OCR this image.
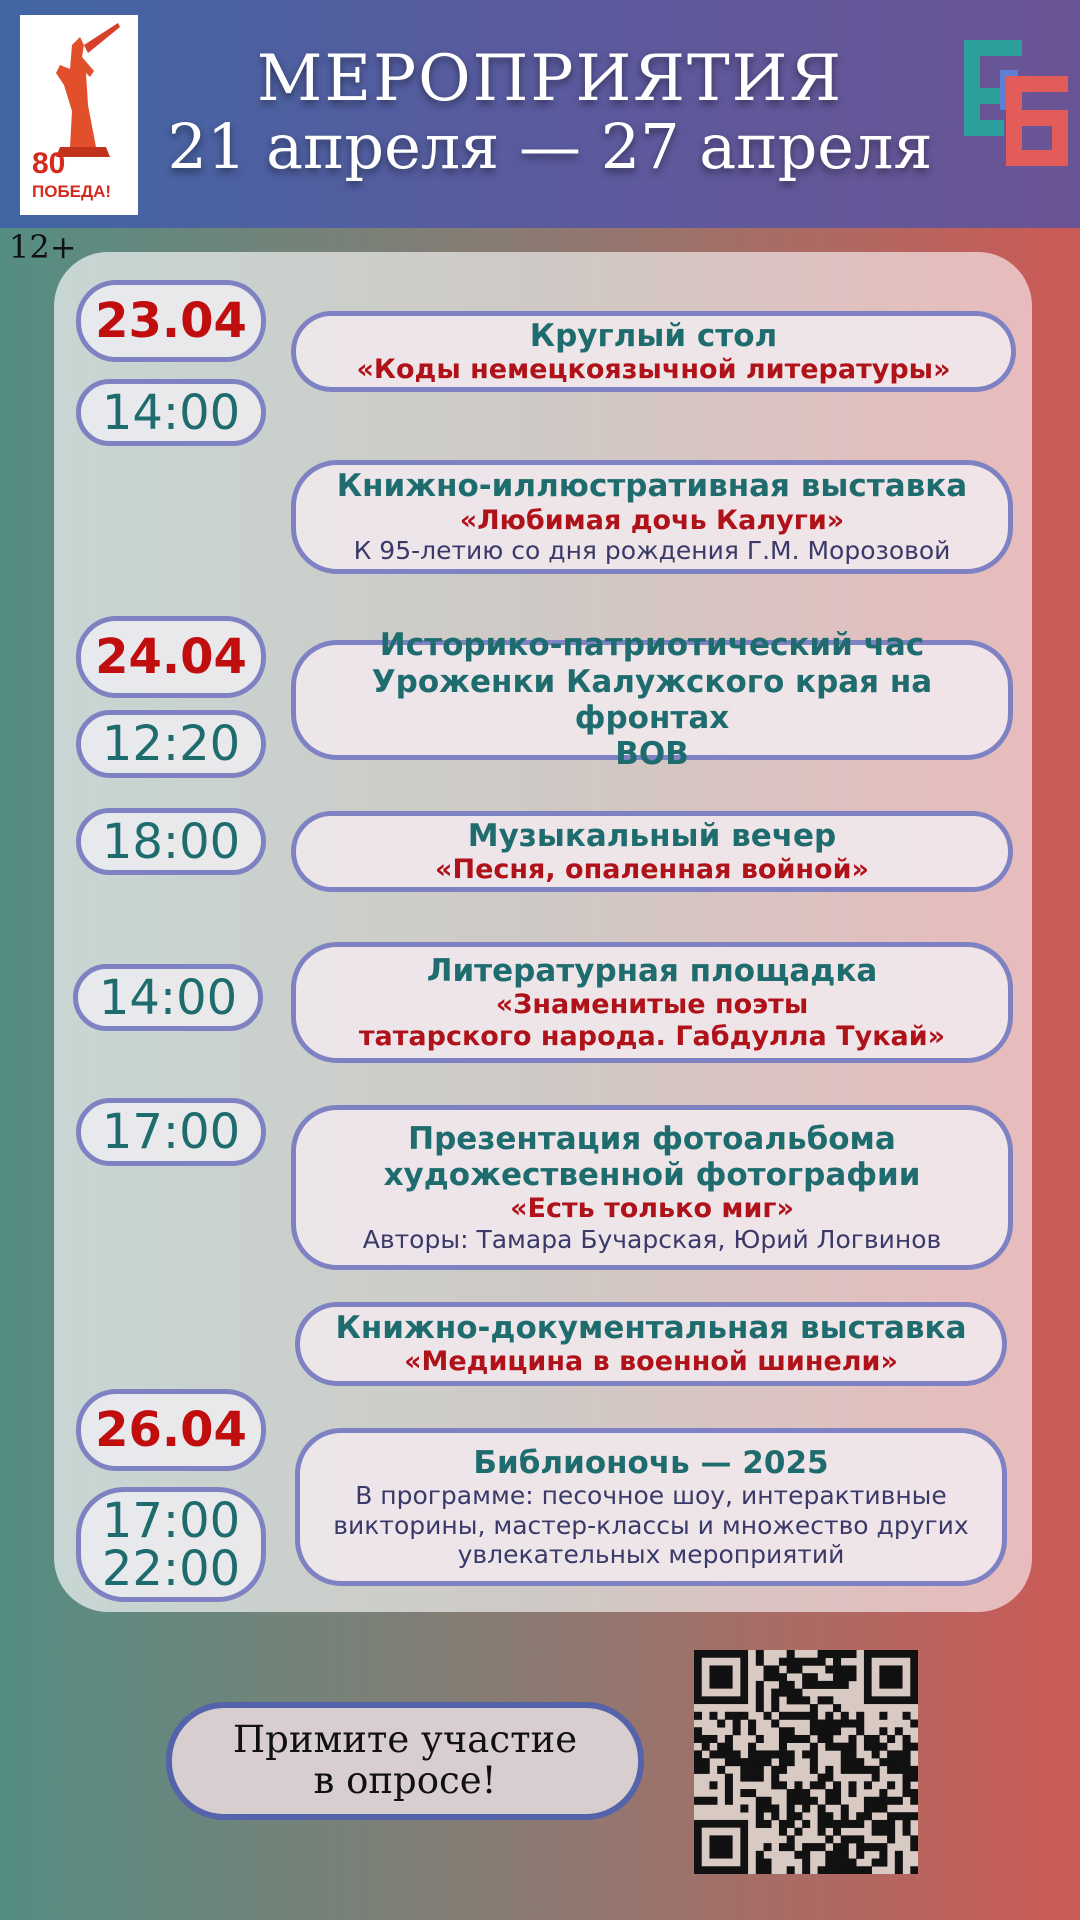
80
ПОБЕДА!
МЕРОПРИЯТИЯ
21 апреля — 27 апреля
12+
23.04
14:00
24.04
12:20
18:00
14:00
17:00
26.04
17:00
22:00
Круглый стол
«Коды немецкоязычной литературы»
Книжно-иллюстративная выставка
«Любимая дочь Калуги»
К 95-летию со дня рождения Г.М. Морозовой
Историко-патриотический час
Уроженки Калужского края на фронтах
ВОВ
Музыкальный вечер
«Песня, опаленная войной»
Литературная площадка
«Знаменитые поэты
татарского народа. Габдулла Тукай»
Презентация фотоальбома
художественной фотографии
«Есть только миг»
Авторы: Тамара Бучарская, Юрий Логвинов
Книжно-документальная выставка
«Медицина в военной шинели»
Библионочь — 2025
В программе: песочное шоу, интерактивные
викторины, мастер-классы и множество других
увлекательных мероприятий
Примите участие
в опросе!
